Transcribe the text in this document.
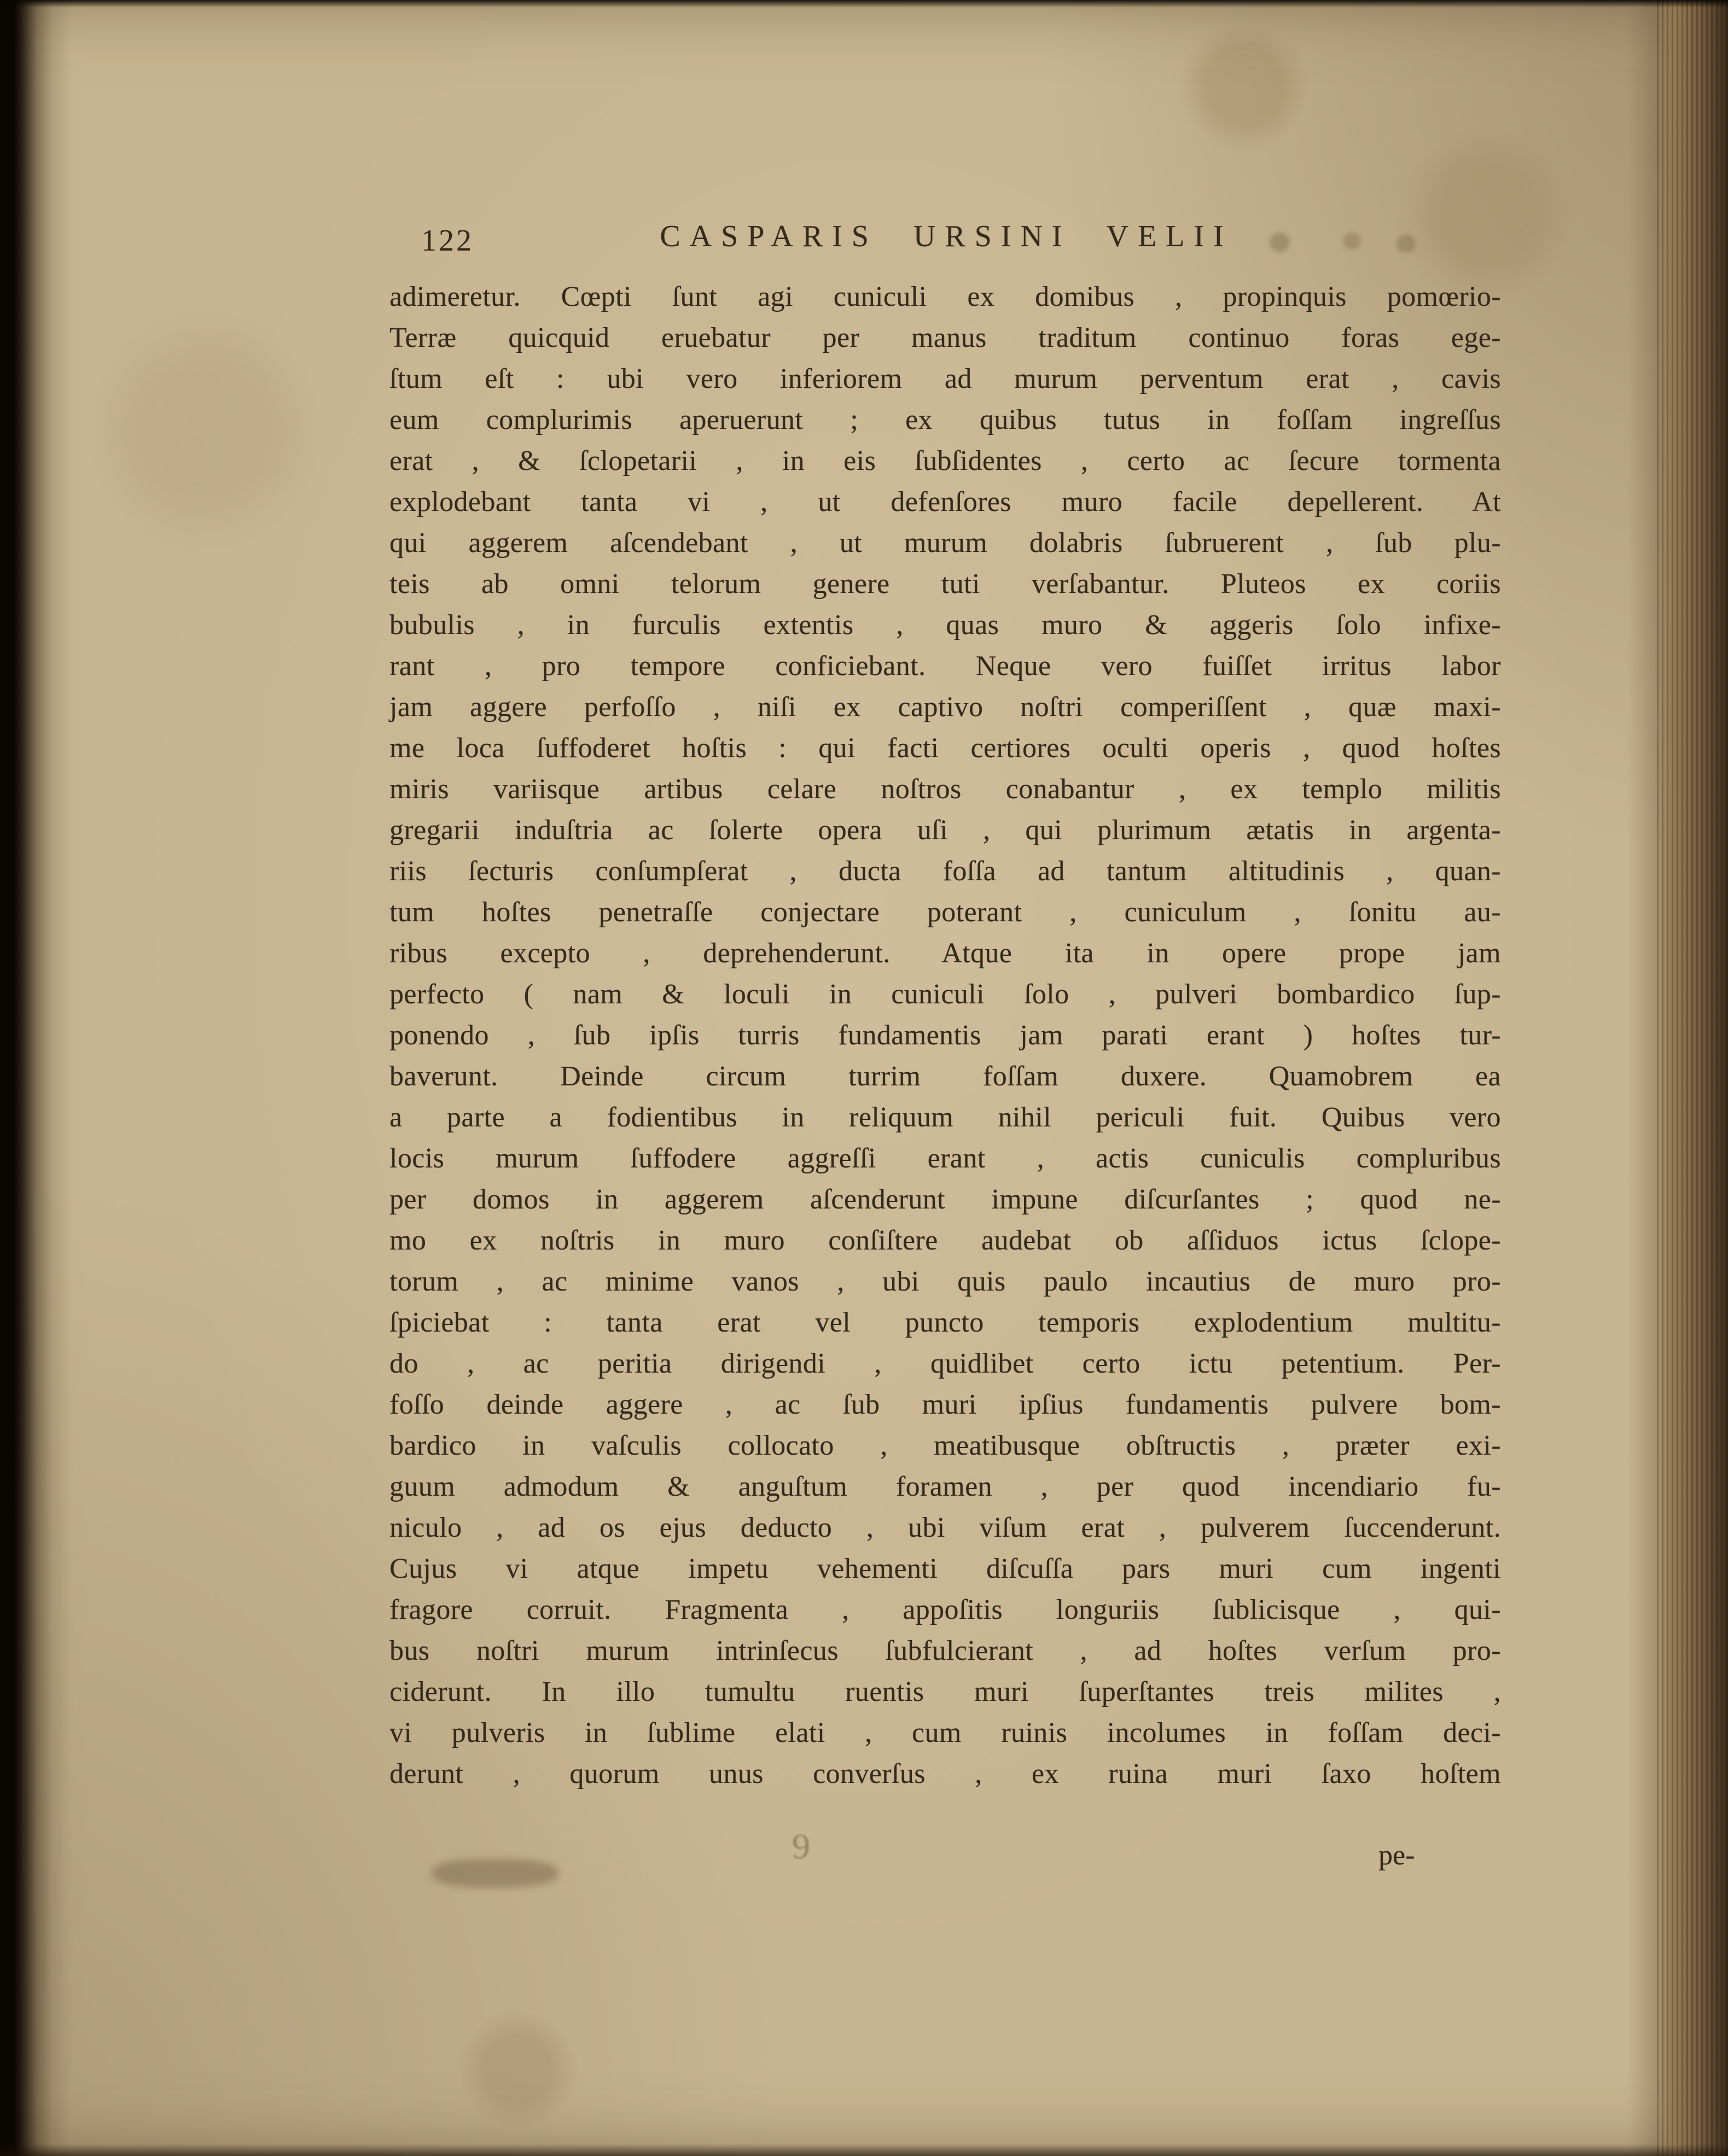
122	CASPARIS URSINI VELII
adimeretur. Cœpti ſunt agi cuniculi ex domibus , propinquis pomœrio-
Terræ quicquid eruebatur per manus traditum continuo foras ege-
ſtum eſt : ubi vero inferiorem ad murum perventum erat , cavis
eum complurimis aperuerunt ; ex quibus tutus in foſſam ingreſſus
erat , & ſclopetarii , in eis ſubſidentes , certo ac ſecure tormenta
explodebant tanta vi , ut defenſores muro facile depellerent. At
qui aggerem aſcendebant , ut murum dolabris ſubruerent , ſub plu-
teis ab omni telorum genere tuti verſabantur. Pluteos ex coriis
bubulis , in furculis extentis , quas muro & aggeris ſolo infixe-
rant , pro tempore conficiebant. Neque vero fuiſſet irritus labor
jam aggere perfoſſo , niſi ex captivo noſtri comperiſſent , quæ maxi-
me loca ſuffoderet hoſtis : qui facti certiores oculti operis , quod hoſtes
miris variisque artibus celare noſtros conabantur , ex templo militis
gregarii induſtria ac ſolerte opera uſi , qui plurimum ætatis in argenta-
riis ſecturis conſumpſerat , ducta foſſa ad tantum altitudinis , quan-
tum hoſtes penetraſſe conjectare poterant , cuniculum , ſonitu au-
ribus excepto , deprehenderunt. Atque ita in opere prope jam
perfecto ( nam & loculi in cuniculi ſolo , pulveri bombardico ſup-
ponendo , ſub ipſis turris fundamentis jam parati erant ) hoſtes tur-
baverunt. Deinde circum turrim foſſam duxere. Quamobrem ea
a parte a fodientibus in reliquum nihil periculi fuit. Quibus vero
locis murum ſuffodere aggreſſi erant , actis cuniculis compluribus
per domos in aggerem aſcenderunt impune diſcurſantes ; quod ne-
mo ex noſtris in muro conſiſtere audebat ob aſſiduos ictus ſclope-
torum , ac minime vanos , ubi quis paulo incautius de muro pro-
ſpiciebat : tanta erat vel puncto temporis explodentium multitu-
do , ac peritia dirigendi , quidlibet certo ictu petentium. Per-
foſſo deinde aggere , ac ſub muri ipſius fundamentis pulvere bom-
bardico in vaſculis collocato , meatibusque obſtructis , præter exi-
guum admodum & anguſtum foramen , per quod incendiario fu-
niculo , ad os ejus deducto , ubi viſum erat , pulverem ſuccenderunt.
Cujus vi atque impetu vehementi diſcuſſa pars muri cum ingenti
fragore corruit. Fragmenta , appoſitis longuriis ſublicisque , qui-
bus noſtri murum intrinſecus ſubfulcierant , ad hoſtes verſum pro-
ciderunt. In illo tumultu ruentis muri ſuperſtantes treis milites ,
vi pulveris in ſublime elati , cum ruinis incolumes in foſſam deci-
derunt , quorum unus converſus , ex ruina muri ſaxo hoſtem
pe-
9
